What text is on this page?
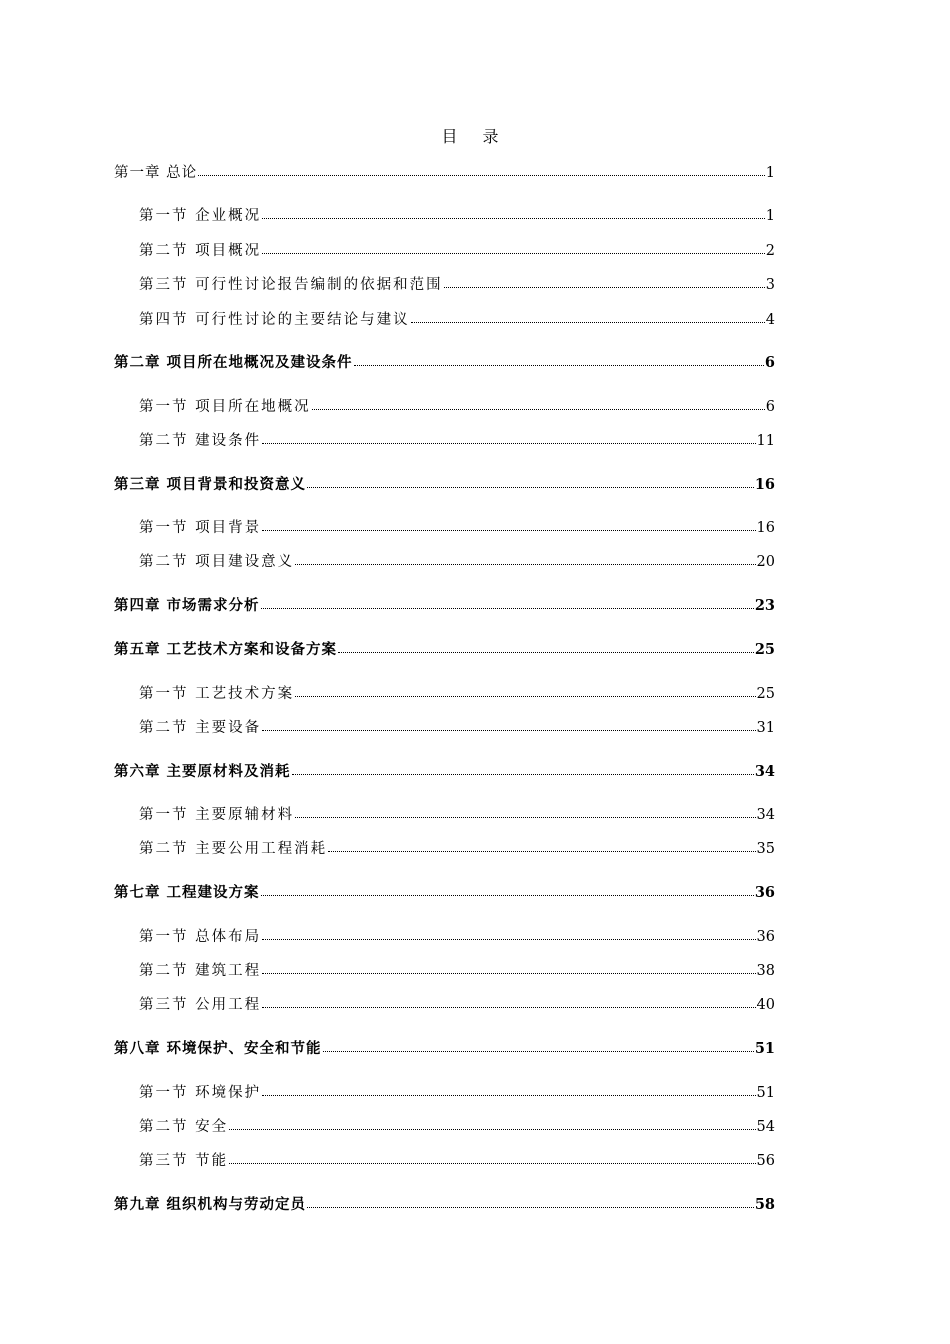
目 录
第一章 总论	1
第一节 企业概况	1
第二节 项目概况	2
第三节 可行性讨论报告编制的依据和范围	3
第四节 可行性讨论的主要结论与建议	4
第二章 项目所在地概况及建设条件	6
第一节 项目所在地概况	6
第二节 建设条件	11
第三章 项目背景和投资意义	16
第一节 项目背景	16
第二节 项目建设意义	20
第四章 市场需求分析	23
第五章 工艺技术方案和设备方案	25
第一节 工艺技术方案	25
第二节 主要设备	31
第六章 主要原材料及消耗	34
第一节 主要原辅材料	34
第二节 主要公用工程消耗	35
第七章 工程建设方案	36
第一节 总体布局	36
第二节 建筑工程	38
第三节 公用工程	40
第八章 环境保护、安全和节能	51
第一节 环境保护	51
第二节 安全	54
第三节 节能	56
第九章 组织机构与劳动定员	58
